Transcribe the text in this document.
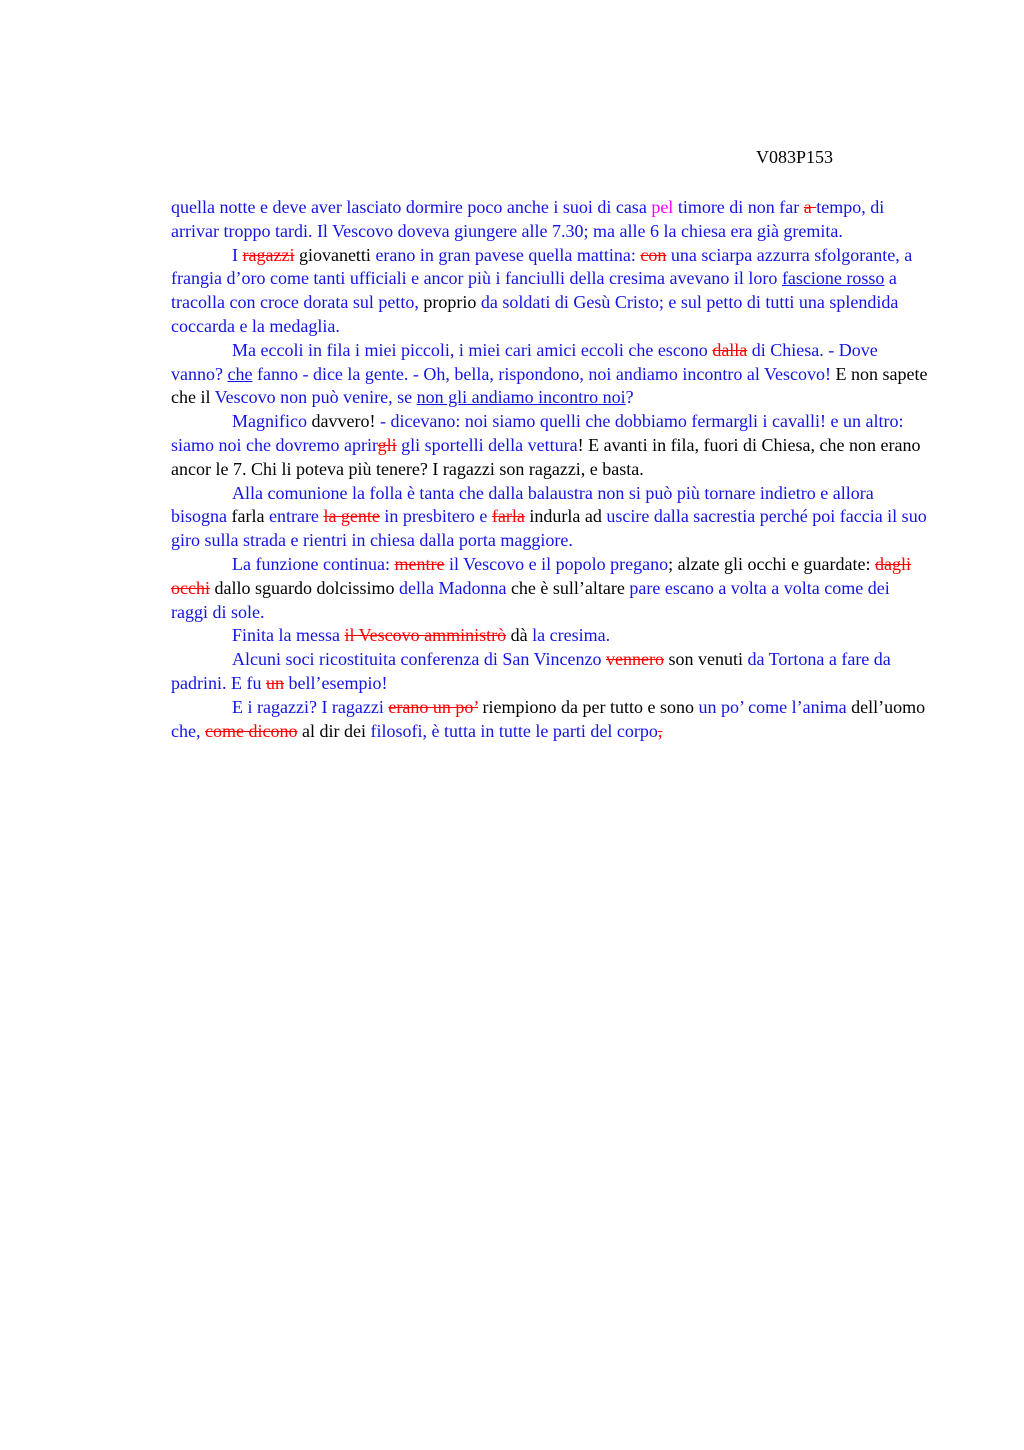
V083P153

quella notte e deve aver lasciato dormire poco anche i suoi di casa pel timore di non far a tempo, di arrivar troppo tardi. Il Vescovo doveva giungere alle 7.30; ma alle 6 la chiesa era già gremita.

I ragazzi giovanetti erano in gran pavese quella mattina: con una sciarpa azzurra sfolgorante, a frangia d’oro come tanti ufficiali e ancor più i fanciulli della cresima avevano il loro fascione rosso a tracolla con croce dorata sul petto, proprio da soldati di Gesù Cristo; e sul petto di tutti una splendida coccarda e la medaglia.

Ma eccoli in fila i miei piccoli, i miei cari amici eccoli che escono dalla di Chiesa. - Dove vanno? che fanno - dice la gente. - Oh, bella, rispondono, noi andiamo incontro al Vescovo! E non sapete che il Vescovo non può venire, se non gli andiamo incontro noi?

Magnifico davvero! - dicevano: noi siamo quelli che dobbiamo fermargli i cavalli! e un altro: siamo noi che dovremo aprirgli gli sportelli della vettura! E avanti in fila, fuori di Chiesa, che non erano ancor le 7. Chi li poteva più tenere? I ragazzi son ragazzi, e basta.

Alla comunione la folla è tanta che dalla balaustra non si può più tornare indietro e allora bisogna farla entrare la gente in presbitero e farla indurla ad uscire dalla sacrestia perché poi faccia il suo giro sulla strada e rientri in chiesa dalla porta maggiore.

La funzione continua: mentre il Vescovo e il popolo pregano; alzate gli occhi e guardate: dagli occhi dallo sguardo dolcissimo della Madonna che è sull’altare pare escano a volta a volta come dei raggi di sole.

Finita la messa il Vescovo amministrò dà la cresima.

Alcuni soci ricostituita conferenza di San Vincenzo vennero son venuti da Tortona a fare da padrini. E fu un bell’esempio!

E i ragazzi? I ragazzi erano un po’ riempiono da per tutto e sono un po’ come l’anima dell’uomo che, come dicono al dir dei filosofi, è tutta in tutte le parti del corpo,
